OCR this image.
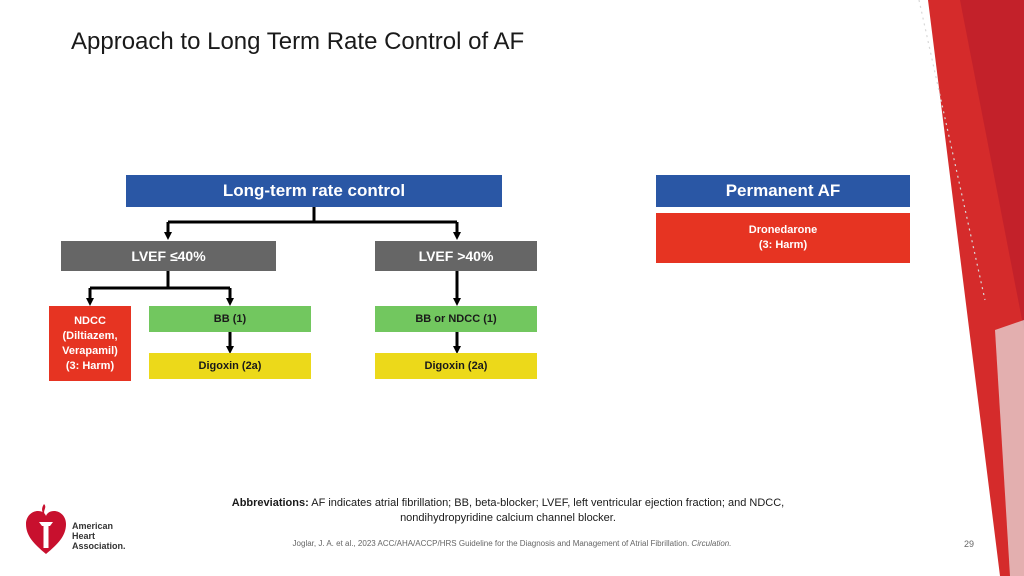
Approach to Long Term Rate Control of AF
Long-term rate control
LVEF ≤40%	LVEF >40%
NDCC
(Diltiazem,
Verapamil)
(3: Harm)
BB (1)
Digoxin (2a)
BB or NDCC (1)
Digoxin (2a)
Permanent AF
Dronedarone
(3: Harm)
Abbreviations: AF indicates atrial fibrillation; BB, beta-blocker; LVEF, left ventricular ejection fraction; and NDCC, nondihydropyridine calcium channel blocker.
Joglar, J. A. et al., 2023 ACC/AHA/ACCP/HRS Guideline for the Diagnosis and Management of Atrial Fibrillation. Circulation.	29
American
Heart
Association.
